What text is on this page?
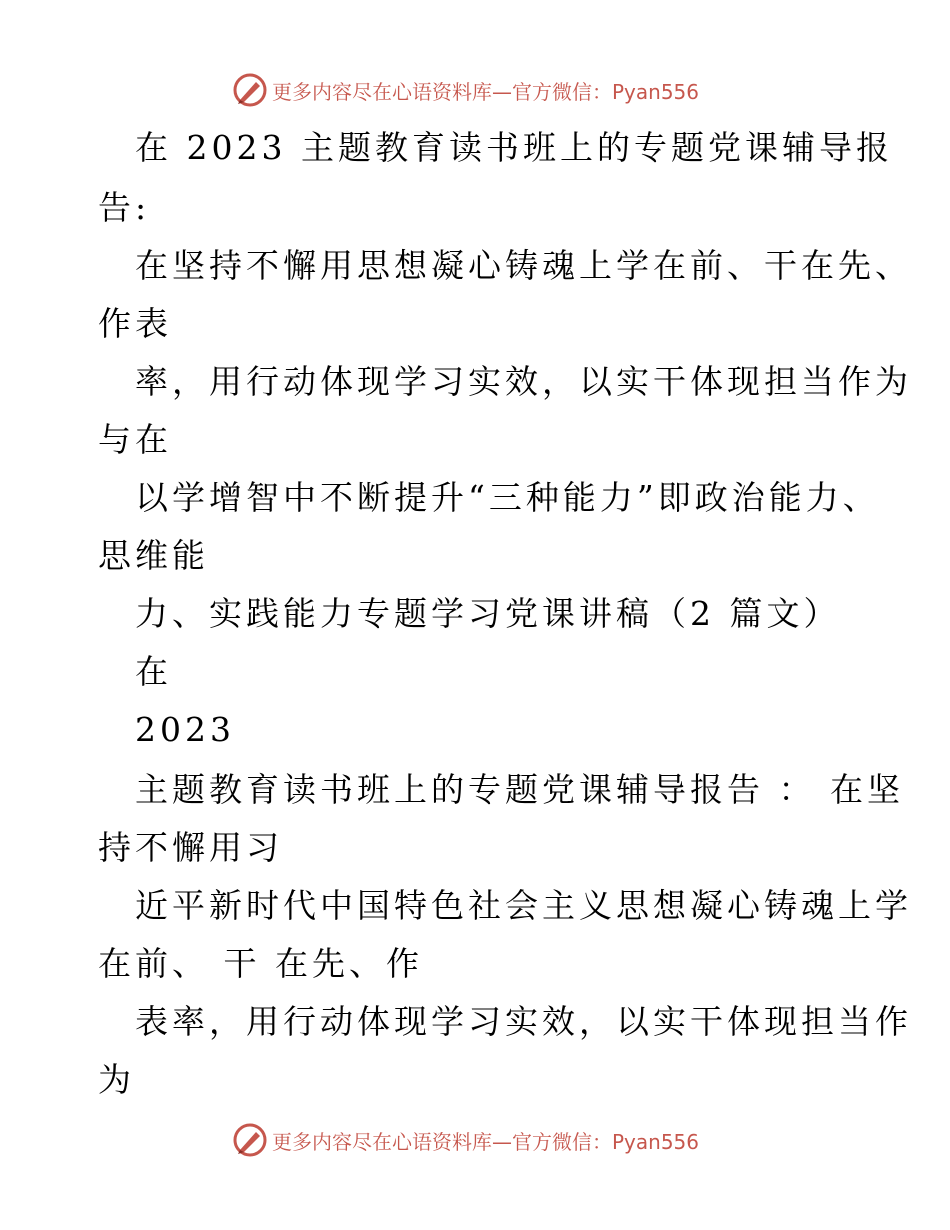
更多内容尽在心语资料库—官方微信：Pyan556
在 2023 主题教育读书班上的专题党课辅导报
告:
在坚持不懈用思想凝心铸魂上学在前、干在先、
作表
率，用行动体现学习实效，以实干体现担当作为
与在
以学增智中不断提升“三种能力”即政治能力、
思维能
力、实践能力专题学习党课讲稿（2 篇文）
在
2023
主题教育读书班上的专题党课辅导报告 ： 在坚
持不懈用习
近平新时代中国特色社会主义思想凝心铸魂上学
在前、 干 在先、作
表率，用行动体现学习实效，以实干体现担当作
为
更多内容尽在心语资料库—官方微信：Pyan556
